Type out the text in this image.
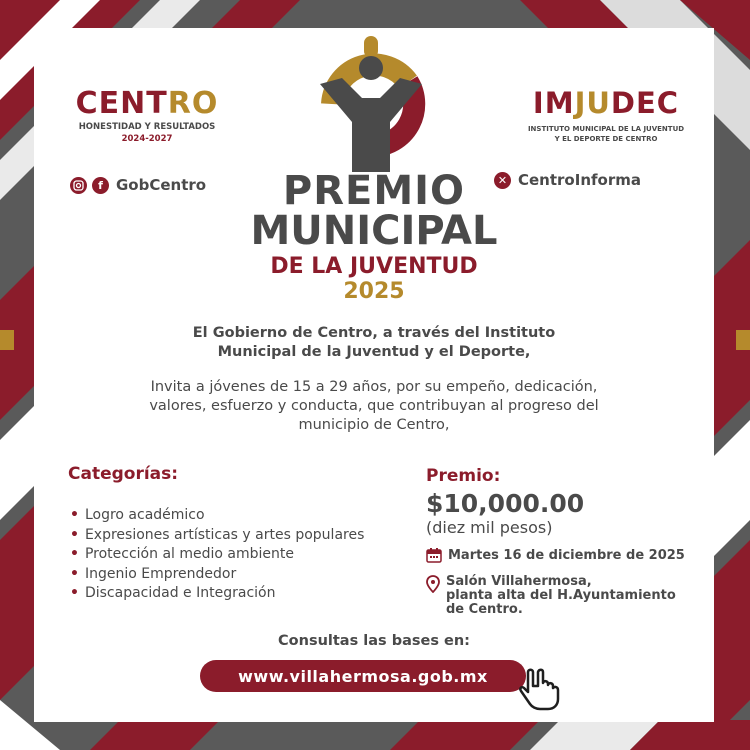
CENTRO
HONESTIDAD Y RESULTADOS
2024-2027
f GobCentro
IMJUDEC
INSTITUTO MUNICIPAL DE LA JUVENTUD
Y EL DEPORTE DE CENTRO
✕ CentroInforma
PREMIO
MUNICIPAL
DE LA JUVENTUD
2025
El Gobierno de Centro, a través del Instituto
Municipal de la Juventud y el Deporte,
Invita a jóvenes de 15 a 29 años, por su empeño, dedicación,
valores, esfuerzo y conducta, que contribuyan al progreso del
municipio de Centro,
Categorías:
• Logro académico
• Expresiones artísticas y artes populares
• Protección al medio ambiente
• Ingenio Emprendedor
• Discapacidad e Integración
Premio:
$10,000.00
(diez mil pesos)
Martes 16 de diciembre de 2025
Salón Villahermosa,
planta alta del H.Ayuntamiento
de Centro.
Consultas las bases en:
www.villahermosa.gob.mx
